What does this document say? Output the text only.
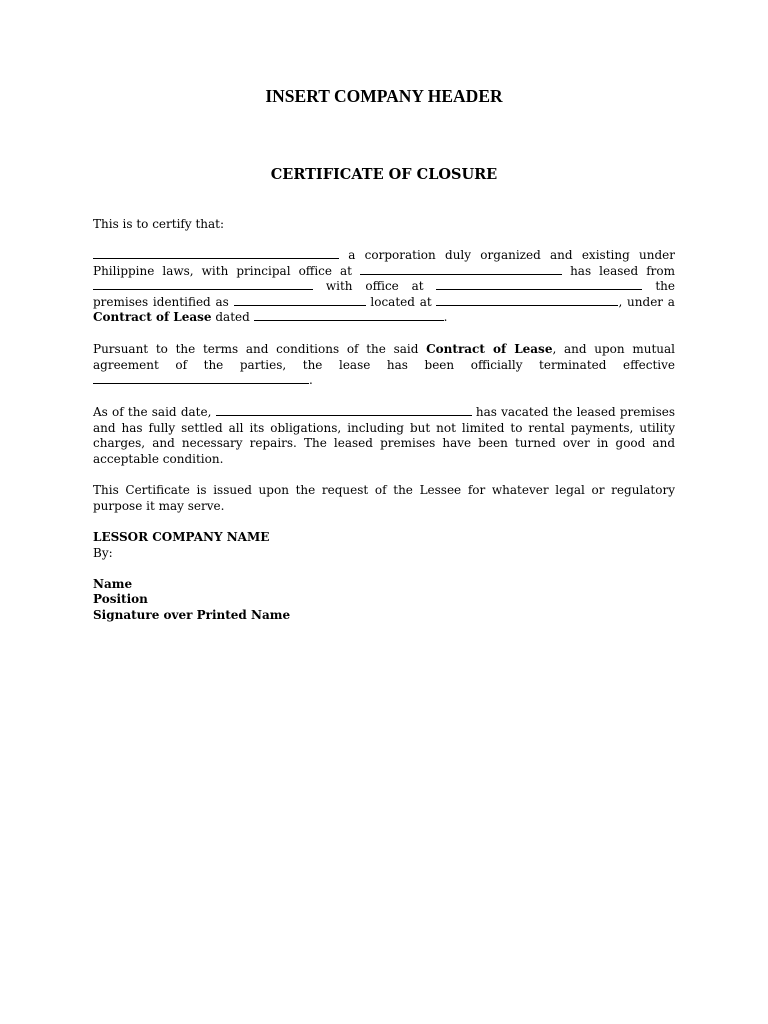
INSERT COMPANY HEADER
CERTIFICATE OF CLOSURE

This is to certify that:

a corporation duly organized and existing under
Philippine laws, with principal office at	has leased from
with office at	the
premises identified as	located at	, under a
Contract of Lease dated	.
Pursuant to the terms and conditions of the said Contract of Lease, and upon mutual
agreement of the parties, the lease has been officially terminated effective
.
As of the said date,	has vacated the leased premises
and has fully settled all its obligations, including but not limited to rental payments, utility
charges, and necessary repairs. The leased premises have been turned over in good and
acceptable condition.
This Certificate is issued upon the request of the Lessee for whatever legal or regulatory
purpose it may serve.
LESSOR COMPANY NAME
By:
Name
Position
Signature over Printed Name
